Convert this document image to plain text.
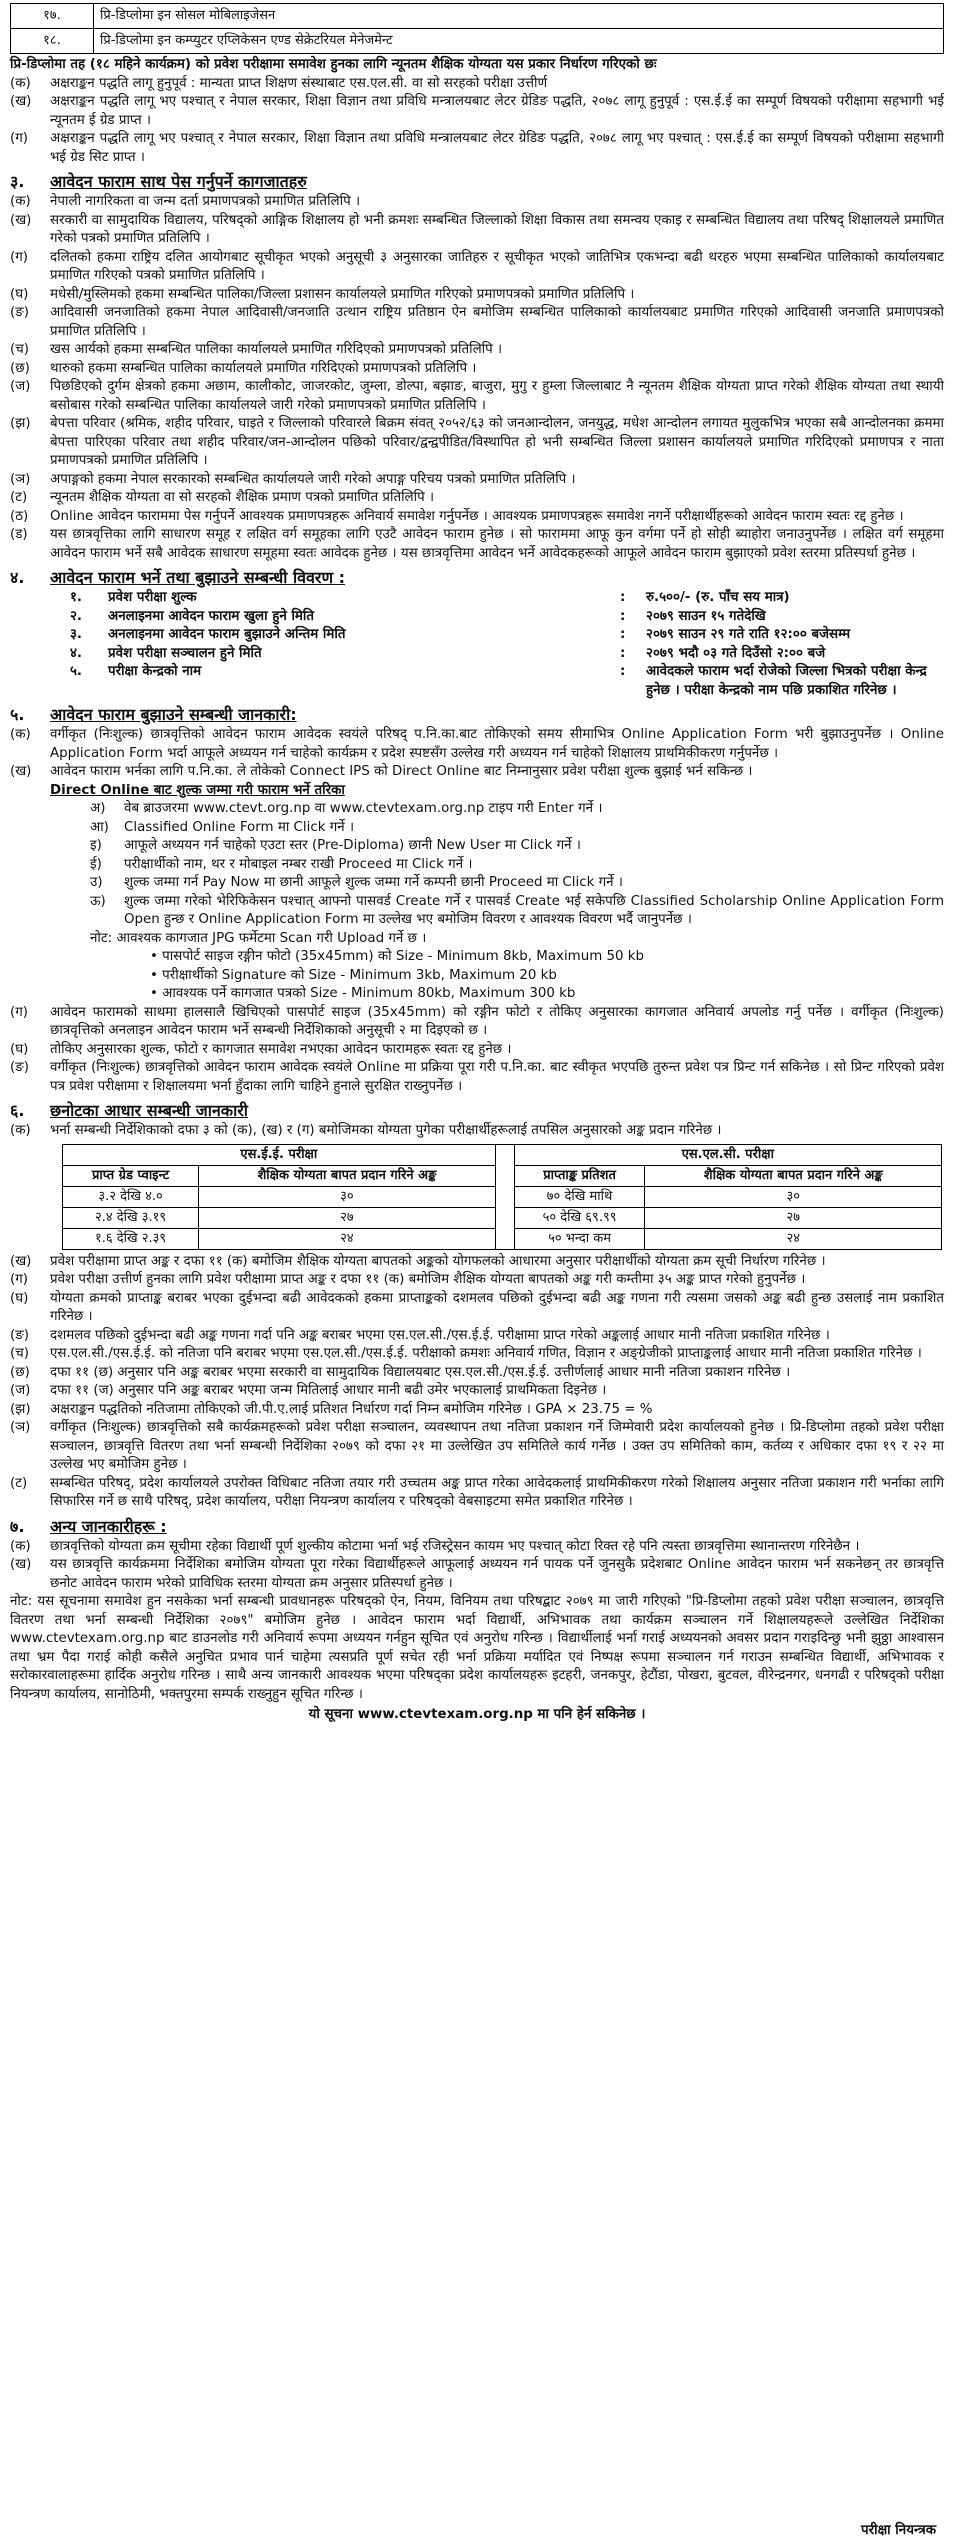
१७.	प्रि-डिप्लोमा इन सोसल मोबिलाइजेसन
१८.	प्रि-डिप्लोमा इन कम्प्युटर एप्लिकेसन एण्ड सेक्रेटरियल मेनेजमेन्ट

प्रि-डिप्लोमा तह (१८ महिने कार्यक्रम) को प्रवेश परीक्षामा समावेश हुनका लागि न्यूनतम शैक्षिक योग्यता यस प्रकार निर्धारण गरिएको छः

(क)	अक्षराङ्कन पद्धति लागू हुनुपूर्व : मान्यता प्राप्त शिक्षण संस्थाबाट एस.एल.सी. वा सो सरहको परीक्षा उत्तीर्ण
(ख)	अक्षराङ्कन पद्धति लागू भए पश्चात् र नेपाल सरकार, शिक्षा विज्ञान तथा प्रविधि मन्त्रालयबाट लेटर ग्रेडिङ पद्धति, २०७८ लागू हुनुपूर्व : एस.ई.ई का सम्पूर्ण विषयको परीक्षामा सहभागी भई न्यूनतम ई ग्रेड प्राप्त ।
(ग)	अक्षराङ्कन पद्धति लागू भए पश्चात् र नेपाल सरकार, शिक्षा विज्ञान तथा प्रविधि मन्त्रालयबाट लेटर ग्रेडिङ पद्धति, २०७८ लागू भए पश्चात् : एस.ई.ई का सम्पूर्ण विषयको परीक्षामा सहभागी भई ग्रेड सिट प्राप्त ।
३.	आवेदन फाराम साथ पेस गर्नुपर्ने कागजातहरु
(क)	नेपाली नागरिकता वा जन्म दर्ता प्रमाणपत्रको प्रमाणित प्रतिलिपि ।
(ख)	सरकारी वा सामुदायिक विद्यालय, परिषद्को आङ्गिक शिक्षालय हो भनी क्रमशः सम्बन्धित जिल्लाको शिक्षा विकास तथा समन्वय एकाइ र सम्बन्धित विद्यालय तथा परिषद् शिक्षालयले प्रमाणित गरेको पत्रको प्रमाणित प्रतिलिपि ।
(ग)	दलितको हकमा राष्ट्रिय दलित आयोगबाट सूचीकृत भएको अनुसूची ३ अनुसारका जातिहरु र सूचीकृत भएको जातिभित्र एकभन्दा बढी थरहरु भएमा सम्बन्धित पालिकाको कार्यालयबाट प्रमाणित गरिएको पत्रको प्रमाणित प्रतिलिपि ।
(घ)	मधेसी/मुस्लिमको हकमा सम्बन्धित पालिका/जिल्ला प्रशासन कार्यालयले प्रमाणित गरिएको प्रमाणपत्रको प्रमाणित प्रतिलिपि ।
(ङ)	आदिवासी जनजातिको हकमा नेपाल आदिवासी/जनजाति उत्थान राष्ट्रिय प्रतिष्ठान ऐन बमोजिम सम्बन्धित पालिकाको कार्यालयबाट प्रमाणित गरिएको आदिवासी जनजाति प्रमाणपत्रको प्रमाणित प्रतिलिपि ।
(च)	खस आर्यको हकमा सम्बन्धित पालिका कार्यालयले प्रमाणित गरिदिएको प्रमाणपत्रको प्रतिलिपि ।
(छ)	थारुको हकमा सम्बन्धित पालिका कार्यालयले प्रमाणित गरिदिएको प्रमाणपत्रको प्रतिलिपि ।
(ज)	पिछडिएको दुर्गम क्षेत्रको हकमा अछाम, कालीकोट, जाजरकोट, जुम्ला, डोल्पा, बझाङ, बाजुरा, मुगु र हुम्ला जिल्लाबाट नै न्यूनतम शैक्षिक योग्यता प्राप्त गरेको शैक्षिक योग्यता तथा स्थायी बसोबास गरेको सम्बन्धित पालिका कार्यालयले जारी गरेको प्रमाणपत्रको प्रमाणित प्रतिलिपि ।
(झ)	बेपत्ता परिवार (श्रमिक, शहीद परिवार, घाइते र जिल्लाको परिवारले बिक्रम संवत् २०५२/६३ को जनआन्दोलन, जनयुद्ध, मधेश आन्दोलन लगायत मुलुकभित्र भएका सबै आन्दोलनका क्रममा बेपत्ता पारिएका परिवार तथा शहीद परिवार/जन-आन्दोलन पछिको परिवार/द्वन्द्वपीडित/विस्थापित हो भनी सम्बन्धित जिल्ला प्रशासन कार्यालयले प्रमाणित गरिदिएको प्रमाणपत्र र नाता प्रमाणपत्रको प्रमाणित प्रतिलिपि ।
(ञ)	अपाङ्गको हकमा नेपाल सरकारको सम्बन्धित कार्यालयले जारी गरेको अपाङ्ग परिचय पत्रको प्रमाणित प्रतिलिपि ।
(ट)	न्यूनतम शैक्षिक योग्यता वा सो सरहको शैक्षिक प्रमाण पत्रको प्रमाणित प्रतिलिपि ।
(ठ)	Online आवेदन फाराममा पेस गर्नुपर्ने आवश्यक प्रमाणपत्रहरू अनिवार्य समावेश गर्नुपर्नेछ । आवश्यक प्रमाणपत्रहरू समावेश नगर्ने परीक्षार्थीहरूको आवेदन फाराम स्वतः रद्द हुनेछ ।
(ड)	यस छात्रवृत्तिका लागि साधारण समूह र लक्षित वर्ग समूहका लागि एउटै आवेदन फाराम हुनेछ । सो फाराममा आफू कुन वर्गमा पर्ने हो सोही ब्याहोरा जनाउनुपर्नेछ । लक्षित वर्ग समूहमा आवेदन फाराम भर्ने सबै आवेदक साधारण समूहमा स्वतः आवेदक हुनेछ । यस छात्रवृत्तिमा आवेदन भर्ने आवेदकहरूको आफूले आवेदन फाराम बुझाएको प्रवेश स्तरमा प्रतिस्पर्धा हुनेछ ।
४.	आवेदन फाराम भर्ने तथा बुझाउने सम्बन्धी विवरण :
१.	प्रवेश परीक्षा शुल्क	:	रु.५००/- (रु. पाँच सय मात्र)
२.	अनलाइनमा आवेदन फाराम खुला हुने मिति	:	२०७९ साउन १५ गतेदेखि
३.	अनलाइनमा आवेदन फाराम बुझाउने अन्तिम मिति	:	२०७९ साउन २९ गते राति १२:०० बजेसम्म
४.	प्रवेश परीक्षा सञ्चालन हुने मिति	:	२०७९ भदौ ०३ गते दिउँसो २:०० बजे
५.	परीक्षा केन्द्रको नाम	:	आवेदकले फाराम भर्दा रोजेको जिल्ला भित्रको परीक्षा केन्द्र हुनेछ । परीक्षा केन्द्रको नाम पछि प्रकाशित गरिनेछ ।
५.	आवेदन फाराम बुझाउने सम्बन्धी जानकारी:
(क)	वर्गीकृत (निःशुल्क) छात्रवृत्तिको आवेदन फाराम आवेदक स्वयंले परिषद् प.नि.का.बाट तोकिएको समय सीमाभित्र Online Application Form भरी बुझाउनुपर्नेछ । Online Application Form भर्दा आफूले अध्ययन गर्न चाहेको कार्यक्रम र प्रदेश स्पष्टसँग उल्लेख गरी अध्ययन गर्न चाहेको शिक्षालय प्राथमिकीकरण गर्नुपर्नेछ ।
(ख)	आवेदन फाराम भर्नका लागि प.नि.का. ले तोकेको Connect IPS को Direct Online बाट निम्नानुसार प्रवेश परीक्षा शुल्क बुझाई भर्न सकिन्छ ।
Direct Online बाट शुल्क जम्मा गरी फाराम भर्ने तरिका
अ)	वेब ब्राउजरमा www.ctevt.org.np वा www.ctevtexam.org.np टाइप गरी Enter गर्ने ।
आ)	Classified Online Form मा Click गर्ने ।
इ)	आफूले अध्ययन गर्न चाहेको एउटा स्तर (Pre-Diploma) छानी New User मा Click गर्ने ।
ई)	परीक्षार्थीको नाम, थर र मोबाइल नम्बर राखी Proceed मा Click गर्ने ।
उ)	शुल्क जम्मा गर्न Pay Now मा छानी आफूले शुल्क जम्मा गर्ने कम्पनी छानी Proceed मा Click गर्ने ।
ऊ)	शुल्क जम्मा गरेको भेरिफिकेसन पश्चात् आफ्नो पासवर्ड Create गर्ने र पासवर्ड Create भई सकेपछि Classified Scholarship Online Application Form Open हुन्छ र Online Application Form मा उल्लेख भए बमोजिम विवरण र आवश्यक विवरण भर्दै जानुपर्नेछ ।
नोट: आवश्यक कागजात JPG फर्मेटमा Scan गरी Upload गर्ने छ ।
• पासपोर्ट साइज रङ्गीन फोटो (35x45mm) को Size - Minimum 8kb, Maximum 50 kb
• परीक्षार्थीको Signature को Size - Minimum 3kb, Maximum 20 kb
• आवश्यक पर्ने कागजात पत्रको Size - Minimum 80kb, Maximum 300 kb
(ग)	आवेदन फारामको साथमा हालसालै खिचिएको पासपोर्ट साइज (35x45mm) को रङ्गीन फोटो र तोकिए अनुसारका कागजात अनिवार्य अपलोड गर्नु पर्नेछ । वर्गीकृत (निःशुल्क) छात्रवृत्तिको अनलाइन आवेदन फाराम भर्ने सम्बन्धी निर्देशिकाको अनुसूची २ मा दिइएको छ ।
(घ)	तोकिए अनुसारका शुल्क, फोटो र कागजात समावेश नभएका आवेदन फारामहरू स्वतः रद्द हुनेछ ।
(ङ)	वर्गीकृत (निःशुल्क) छात्रवृत्तिको आवेदन फाराम आवेदक स्वयंले Online मा प्रक्रिया पूरा गरी प.नि.का. बाट स्वीकृत भएपछि तुरुन्त प्रवेश पत्र प्रिन्ट गर्न सकिनेछ । सो प्रिन्ट गरिएको प्रवेश पत्र प्रवेश परीक्षामा र शिक्षालयमा भर्ना हुँदाका लागि चाहिने हुनाले सुरक्षित राख्नुपर्नेछ ।
६.	छनोटका आधार सम्बन्धी जानकारी
(क)	भर्ना सम्बन्धी निर्देशिकाको दफा ३ को (क), (ख) र (ग) बमोजिमका योग्यता पुगेका परीक्षार्थीहरूलाई तपसिल अनुसारको अङ्क प्रदान गरिनेछ ।
एस.ई.ई. परीक्षा			एस.एल.सी. परीक्षा	
प्राप्त ग्रेड प्वाइन्ट	शैक्षिक योग्यता बापत प्रदान गरिने अङ्क		प्राप्ताङ्क प्रतिशत	शैक्षिक योग्यता बापत प्रदान गरिने अङ्क
३.२ देखि ४.०	३०		७० देखि माथि	३०
२.४ देखि ३.१९	२७		५० देखि ६९.९९	२७
१.६ देखि २.३९	२४		५० भन्दा कम	२४
(ख)	प्रवेश परीक्षामा प्राप्त अङ्क र दफा ११ (क) बमोजिम शैक्षिक योग्यता बापतको अङ्कको योगफलको आधारमा अनुसार परीक्षार्थीको योग्यता क्रम सूची निर्धारण गरिनेछ ।
(ग)	प्रवेश परीक्षा उत्तीर्ण हुनका लागि प्रवेश परीक्षामा प्राप्त अङ्क र दफा ११ (क) बमोजिम शैक्षिक योग्यता बापतको अङ्क गरी कम्तीमा ३५ अङ्क प्राप्त गरेको हुनुपर्नेछ ।
(घ)	योग्यता क्रमको प्राप्ताङ्क बराबर भएका दुईभन्दा बढी आवेदकको हकमा प्राप्ताङ्कको दशमलव पछिको दुईभन्दा बढी अङ्क गणना गरी त्यसमा जसको अङ्क बढी हुन्छ उसलाई नाम प्रकाशित गरिनेछ ।
(ङ)	दशमलव पछिको दुईभन्दा बढी अङ्क गणना गर्दा पनि अङ्क बराबर भएमा एस.एल.सी./एस.ई.ई. परीक्षामा प्राप्त गरेको अङ्कलाई आधार मानी नतिजा प्रकाशित गरिनेछ ।
(च)	एस.एल.सी./एस.ई.ई. को नतिजा पनि बराबर भएमा एस.एल.सी./एस.ई.ई. परीक्षाको क्रमशः अनिवार्य गणित, विज्ञान र अङ्ग्रेजीको प्राप्ताङ्कलाई आधार मानी नतिजा प्रकाशित गरिनेछ ।
(छ)	दफा ११ (छ) अनुसार पनि अङ्क बराबर भएमा सरकारी वा सामुदायिक विद्यालयबाट एस.एल.सी./एस.ई.ई. उत्तीर्णलाई आधार मानी नतिजा प्रकाशन गरिनेछ ।
(ज)	दफा ११ (ज) अनुसार पनि अङ्क बराबर भएमा जन्म मितिलाई आधार मानी बढी उमेर भएकालाई प्राथमिकता दिइनेछ ।
(झ)	अक्षराङ्कन पद्धतिको नतिजामा तोकिएको जी.पी.ए.लाई प्रतिशत निर्धारण गर्दा निम्न बमोजिम गरिनेछ । GPA × 23.75 = %
(ञ)	वर्गीकृत (निःशुल्क) छात्रवृत्तिको सबै कार्यक्रमहरूको प्रवेश परीक्षा सञ्चालन, व्यवस्थापन तथा नतिजा प्रकाशन गर्ने जिम्मेवारी प्रदेश कार्यालयको हुनेछ । प्रि-डिप्लोमा तहको प्रवेश परीक्षा सञ्चालन, छात्रवृत्ति वितरण तथा भर्ना सम्बन्धी निर्देशिका २०७९ को दफा २१ मा उल्लेखित उप समितिले कार्य गर्नेछ । उक्त उप समितिको काम, कर्तव्य र अधिकार दफा १९ र २२ मा उल्लेख भए बमोजिम हुनेछ ।
(ट)	सम्बन्धित परिषद्, प्रदेश कार्यालयले उपरोक्त विधिबाट नतिजा तयार गरी उच्चतम अङ्क प्राप्त गरेका आवेदकलाई प्राथमिकीकरण गरेको शिक्षालय अनुसार नतिजा प्रकाशन गरी भर्नाका लागि सिफारिस गर्ने छ साथै परिषद्, प्रदेश कार्यालय, परीक्षा नियन्त्रण कार्यालय र परिषद्को वेबसाइटमा समेत प्रकाशित गरिनेछ ।
७.	अन्य जानकारीहरू :
(क)	छात्रवृत्तिको योग्यता क्रम सूचीमा रहेका विद्यार्थी पूर्ण शुल्कीय कोटामा भर्ना भई रजिस्ट्रेसन कायम भए पश्चात् कोटा रिक्त रहे पनि त्यस्ता छात्रवृत्तिमा स्थानान्तरण गरिनेछैन ।
(ख)	यस छात्रवृत्ति कार्यक्रममा निर्देशिका बमोजिम योग्यता पूरा गरेका विद्यार्थीहरूले आफूलाई अध्ययन गर्न पायक पर्ने जुनसुकै प्रदेशबाट Online आवेदन फाराम भर्न सकनेछन् तर छात्रवृत्ति छनोट आवेदन फाराम भरेको प्राविधिक स्तरमा योग्यता क्रम अनुसार प्रतिस्पर्धा हुनेछ ।

नोट: यस सूचनामा समावेश हुन नसकेका भर्ना सम्बन्धी प्रावधानहरू परिषद्को ऐन, नियम, विनियम तथा परिषद्बाट २०७९ मा जारी गरिएको "प्रि-डिप्लोमा तहको प्रवेश परीक्षा सञ्चालन, छात्रवृत्ति वितरण तथा भर्ना सम्बन्धी निर्देशिका २०७९" बमोजिम हुनेछ । आवेदन फाराम भर्दा विद्यार्थी, अभिभावक तथा कार्यक्रम सञ्चालन गर्ने शिक्षालयहरूले उल्लेखित निर्देशिका www.ctevtexam.org.np बाट डाउनलोड गरी अनिवार्य रूपमा अध्ययन गर्नहुन सूचित एवं अनुरोध गरिन्छ । विद्यार्थीलाई भर्ना गराई अध्ययनको अवसर प्रदान गराइदिन्छु भनी झुठ्ठा आश्वासन तथा भ्रम पैदा गराई कोही कसैले अनुचित प्रभाव पार्न चाहेमा त्यसप्रति पूर्ण सचेत रही भर्ना प्रक्रिया मर्यादित एवं निष्पक्ष रूपमा सञ्चालन गर्न गराउन सम्बन्धित विद्यार्थी, अभिभावक र सरोकारवालाहरूमा हार्दिक अनुरोध गरिन्छ । साथै अन्य जानकारी आवश्यक भएमा परिषद्का प्रदेश कार्यालयहरू इटहरी, जनकपुर, हेटौंडा, पोखरा, बुटवल, वीरेन्द्रनगर, धनगढी र परिषद्को परीक्षा नियन्त्रण कार्यालय, सानोठिमी, भक्तपुरमा सम्पर्क राख्नुहुन सूचित गरिन्छ ।

यो सूचना www.ctevtexam.org.np मा पनि हेर्न सकिनेछ ।
परीक्षा नियन्त्रक
